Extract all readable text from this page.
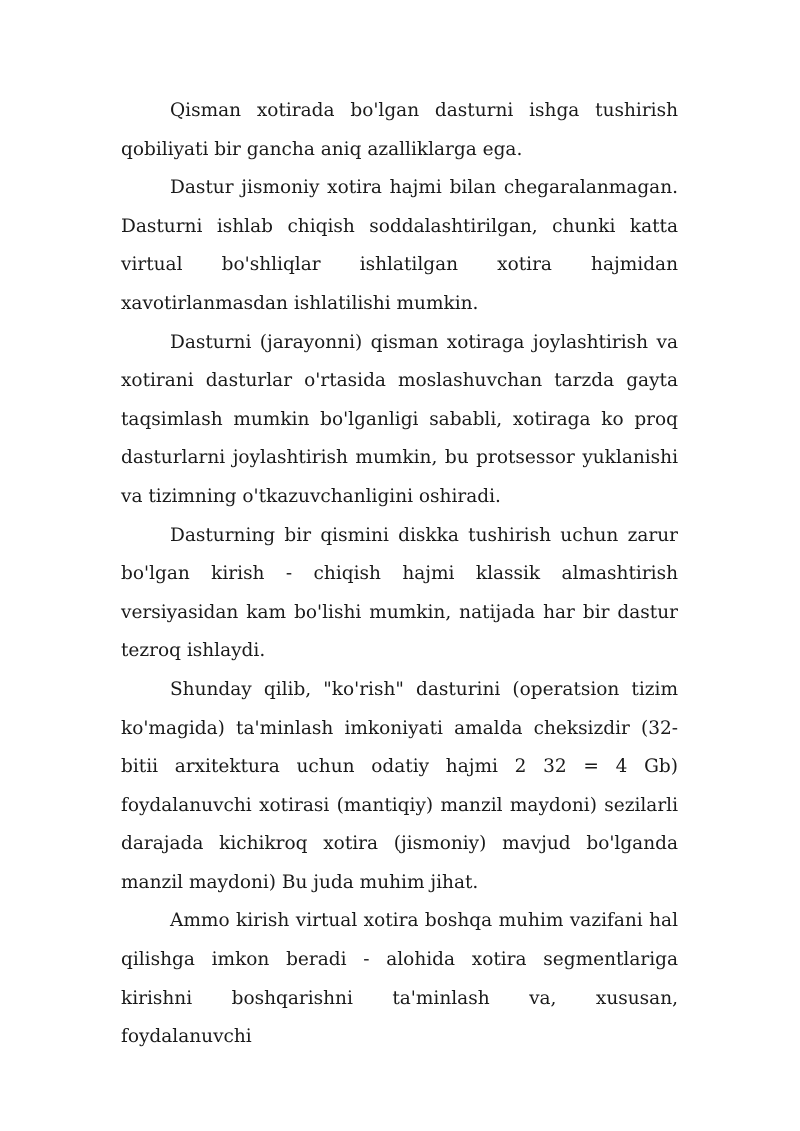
Qisman xotirada bo'lgan dasturni ishga tushirish qobiliyati bir gancha aniq azalliklarga ega.

Dastur jismoniy xotira hajmi bilan chegaralanmagan. Dasturni ishlab chiqish soddalashtirilgan, chunki katta virtual bo'shliqlar ishlatilgan xotira hajmidan xavotirlanmasdan ishlatilishi mumkin.

Dasturni (jarayonni) qisman xotiraga joylashtirish va xotirani dasturlar o'rtasida moslashuvchan tarzda gayta taqsimlash mumkin bo'lganligi sababli, xotiraga ko proq dasturlarni joylashtirish mumkin, bu protsessor yuklanishi va tizimning o'tkazuvchanligini oshiradi.

Dasturning bir qismini diskka tushirish uchun zarur bo'lgan kirish - chiqish hajmi klassik almashtirish versiyasidan kam bo'lishi mumkin, natijada har bir dastur tezroq ishlaydi.

Shunday qilib, "ko'rish" dasturini (operatsion tizim ko'magida) ta'minlash imkoniyati amalda cheksizdir (32-bitii arxitektura uchun odatiy hajmi 2 32 = 4 Gb) foydalanuvchi xotirasi (mantiqiy) manzil maydoni) sezilarli darajada kichikroq xotira (jismoniy) mavjud bo'lganda manzil maydoni) Bu juda muhim jihat.

Ammo kirish virtual xotira boshqa muhim vazifani hal qilishga imkon beradi - alohida xotira segmentlariga kirishni boshqarishni ta'minlash va, xususan, foydalanuvchi
